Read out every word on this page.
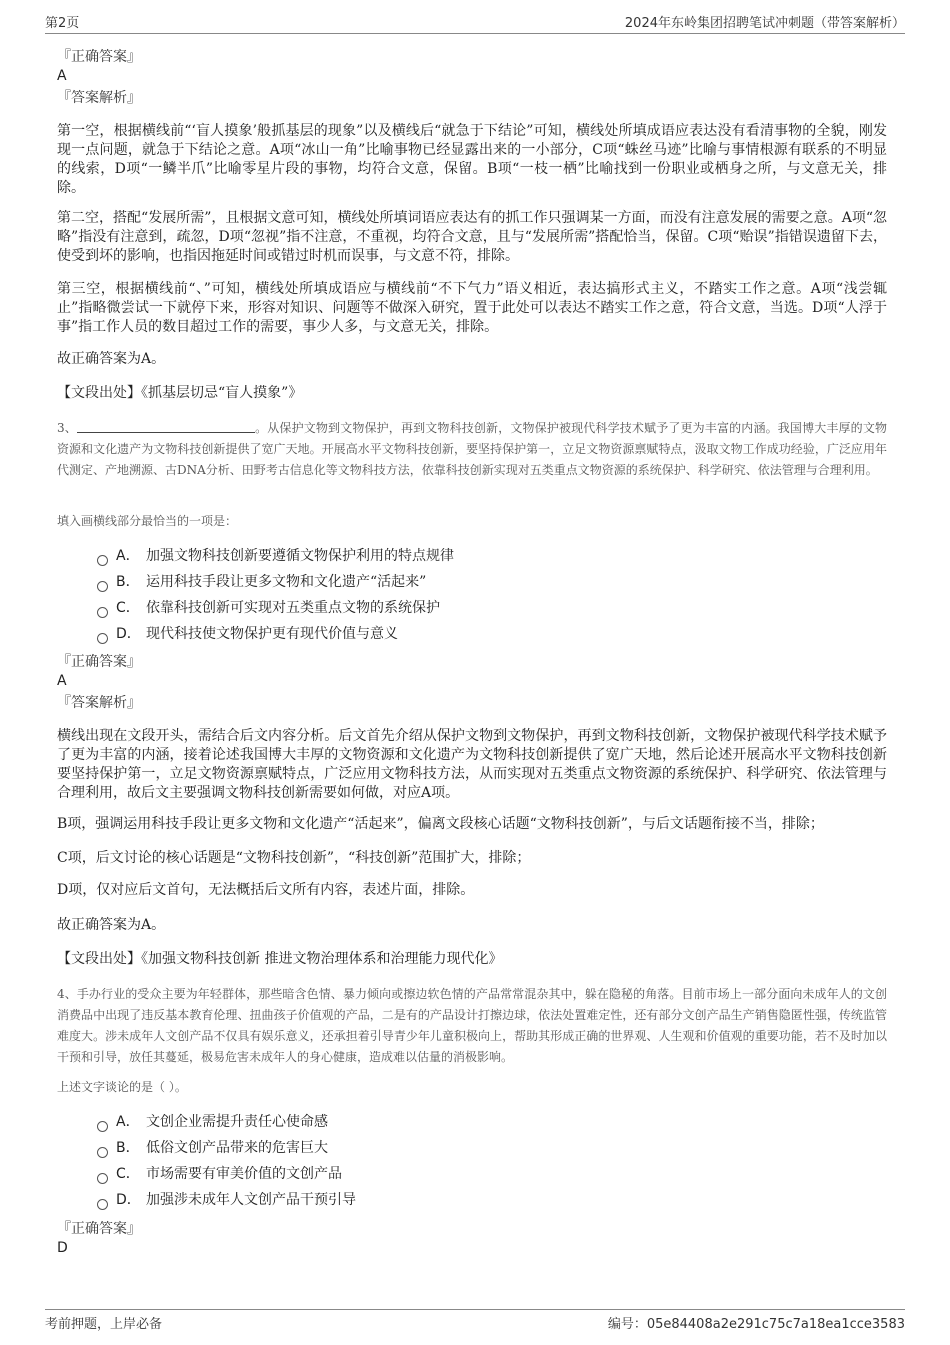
第2页	2024年东岭集团招聘笔试冲刺题（带答案解析）
『正确答案』
A
『答案解析』

第一空，根据横线前“‘盲人摸象’般抓基层的现象”以及横线后“就急于下结论”可知，横线处所填成语应表达没有看清事物的全貌，刚发现一点问题，就急于下结论之意。A项“冰山一角”比喻事物已经显露出来的一小部分，C项“蛛丝马迹”比喻与事情根源有联系的不明显的线索，D项“一鳞半爪”比喻零星片段的事物，均符合文意，保留。B项“一枝一栖”比喻找到一份职业或栖身之所，与文意无关，排除。

第二空，搭配“发展所需”，且根据文意可知，横线处所填词语应表达有的抓工作只强调某一方面，而没有注意发展的需要之意。A项“忽略”指没有注意到，疏忽，D项“忽视”指不注意，不重视，均符合文意，且与“发展所需”搭配恰当，保留。C项“贻误”指错误遗留下去，使受到坏的影响，也指因拖延时间或错过时机而误事，与文意不符，排除。

第三空，根据横线前“、”可知，横线处所填成语应与横线前“不下气力”语义相近，表达搞形式主义，不踏实工作之意。A项“浅尝辄止”指略微尝试一下就停下来，形容对知识、问题等不做深入研究，置于此处可以表达不踏实工作之意，符合文意，当选。D项“人浮于事”指工作人员的数目超过工作的需要，事少人多，与文意无关，排除。

故正确答案为A。
【文段出处】《抓基层切忌“盲人摸象”》

3、	。从保护文物到文物保护，再到文物科技创新，文物保护被现代科学技术赋予了更为丰富的内涵。我国博大丰厚的文物资源和文化遗产为文物科技创新提供了宽广天地。开展高水平文物科技创新，要坚持保护第一，立足文物资源禀赋特点，汲取文物工作成功经验，广泛应用年代测定、产地溯源、古DNA分析、田野考古信息化等文物科技方法，依靠科技创新实现对五类重点文物资源的系统保护、科学研究、依法管理与合理利用。

填入画横线部分最恰当的一项是：
A． 加强文物科技创新要遵循文物保护利用的特点规律
B． 运用科技手段让更多文物和文化遗产“活起来”
C． 依靠科技创新可实现对五类重点文物的系统保护
D． 现代科技使文物保护更有现代价值与意义
『正确答案』
A
『答案解析』

横线出现在文段开头，需结合后文内容分析。后文首先介绍从保护文物到文物保护，再到文物科技创新，文物保护被现代科学技术赋予了更为丰富的内涵，接着论述我国博大丰厚的文物资源和文化遗产为文物科技创新提供了宽广天地，然后论述开展高水平文物科技创新要坚持保护第一，立足文物资源禀赋特点，广泛应用文物科技方法，从而实现对五类重点文物资源的系统保护、科学研究、依法管理与合理利用，故后文主要强调文物科技创新需要如何做，对应A项。

B项，强调运用科技手段让更多文物和文化遗产“活起来”，偏离文段核心话题“文物科技创新”，与后文话题衔接不当，排除；

C项，后文讨论的核心话题是“文物科技创新”，“科技创新”范围扩大，排除；

D项，仅对应后文首句，无法概括后文所有内容，表述片面，排除。

故正确答案为A。
【文段出处】《加强文物科技创新 推进文物治理体系和治理能力现代化》

4、手办行业的受众主要为年轻群体，那些暗含色情、暴力倾向或擦边软色情的产品常常混杂其中，躲在隐秘的角落。目前市场上一部分面向未成年人的文创消费品中出现了违反基本教育伦理、扭曲孩子价值观的产品，二是有的产品设计打擦边球，依法处置难定性，还有部分文创产品生产销售隐匿性强，传统监管难度大。涉未成年人文创产品不仅具有娱乐意义，还承担着引导青少年儿童积极向上，帮助其形成正确的世界观、人生观和价值观的重要功能，若不及时加以干预和引导，放任其蔓延，极易危害未成年人的身心健康，造成难以估量的消极影响。

上述文字谈论的是（ ）。
A． 文创企业需提升责任心使命感
B． 低俗文创产品带来的危害巨大
C． 市场需要有审美价值的文创产品
D． 加强涉未成年人文创产品干预引导
『正确答案』
D
考前押题，上岸必备	编号：05e84408a2e291c75c7a18ea1cce3583
